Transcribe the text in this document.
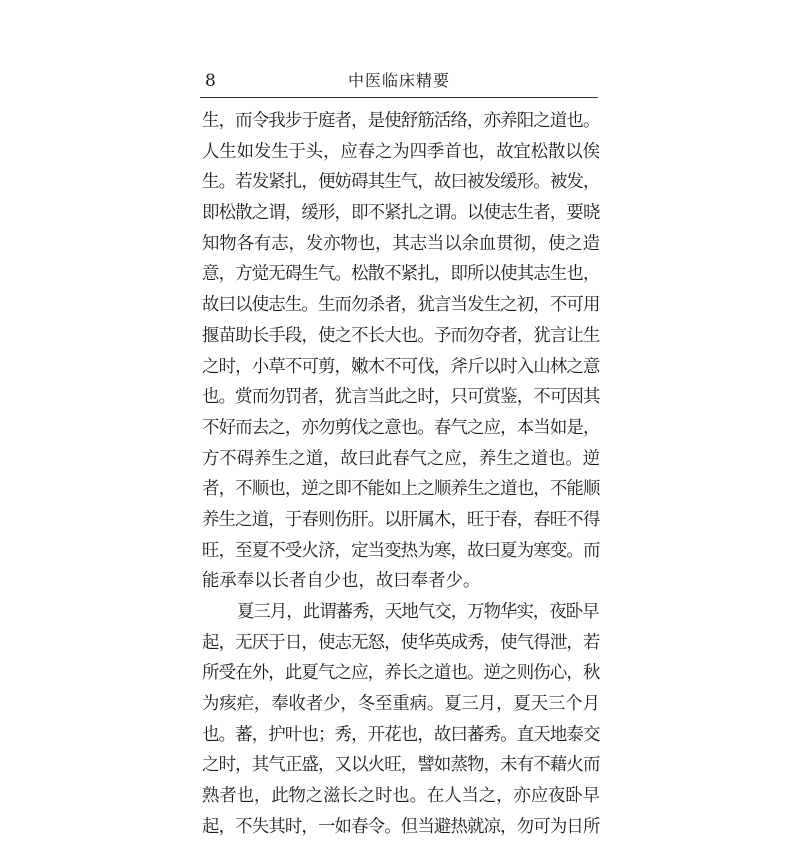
8	中医临床精要
生，而令我步于庭者，是使舒筋活络，亦养阳之道也。
人生如发生于头，应春之为四季首也，故宜松散以俟
生。若发紧扎，便妨碍其生气，故曰被发缓形。被发，
即松散之谓，缓形，即不紧扎之谓。以使志生者，要晓
知物各有志，发亦物也，其志当以余血贯彻，使之造
意，方觉无碍生气。松散不紧扎，即所以使其志生也，
故曰以使志生。生而勿杀者，犹言当发生之初，不可用
揠苗助长手段，使之不长大也。予而勿夺者，犹言让生
之时，小草不可剪，嫩木不可伐，斧斤以时入山林之意
也。赏而勿罚者，犹言当此之时，只可赏鉴，不可因其
不好而去之，亦勿剪伐之意也。春气之应，本当如是，
方不碍养生之道，故曰此春气之应，养生之道也。逆
者，不顺也，逆之即不能如上之顺养生之道也，不能顺
养生之道，于春则伤肝。以肝属木，旺于春，春旺不得
旺，至夏不受火济，定当变热为寒，故曰夏为寒变。而
能承奉以长者自少也，故曰奉者少。
夏三月，此谓蕃秀，天地气交，万物华实，夜卧早
起，无厌于日，使志无怒，使华英成秀，使气得泄，若
所受在外，此夏气之应，养长之道也。逆之则伤心，秋
为痎疟，奉收者少，冬至重病。夏三月，夏天三个月
也。蕃，护叶也；秀，开花也，故曰蕃秀。直天地泰交
之时，其气正盛，又以火旺，譬如蒸物，未有不藉火而
熟者也，此物之滋长之时也。在人当之，亦应夜卧早
起，不失其时，一如春令。但当避热就凉，勿可为日所
